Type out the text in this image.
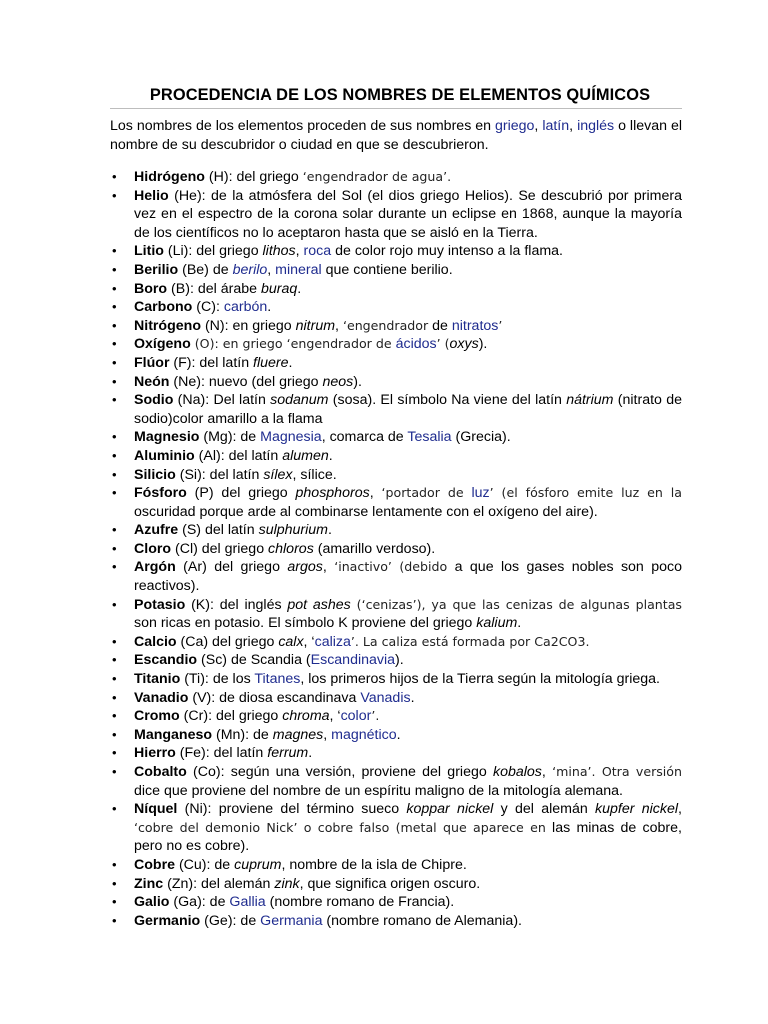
PROCEDENCIA DE LOS NOMBRES DE ELEMENTOS QUÍMICOS
Los nombres de los elementos proceden de sus nombres en griego, latín, inglés o llevan el nombre de su descubridor o ciudad en que se descubrieron.
• Hidrógeno (H): del griego ‘engendrador de agua’.
• Helio (He): de la atmósfera del Sol (el dios griego Helios). Se descubrió por primera vez en el espectro de la corona solar durante un eclipse en 1868, aunque la mayoría de los científicos no lo aceptaron hasta que se aisló en la Tierra.
• Litio (Li): del griego lithos, roca de color rojo muy intenso a la flama.
• Berilio (Be) de berilo, mineral que contiene berilio.
• Boro (B): del árabe buraq.
• Carbono (C): carbón.
• Nitrógeno (N): en griego nitrum, ‘engendrador de nitratos’
• Oxígeno (O): en griego ‘engendrador de ácidos’ (oxys).
• Flúor (F): del latín fluere.
• Neón (Ne): nuevo (del griego neos).
• Sodio (Na): Del latín sodanum (sosa). El símbolo Na viene del latín nátrium (nitrato de sodio)color amarillo a la flama
• Magnesio (Mg): de Magnesia, comarca de Tesalia (Grecia).
• Aluminio (Al): del latín alumen.
• Silicio (Si): del latín sílex, sílice.
• Fósforo (P) del griego phosphoros, ‘portador de luz’ (el fósforo emite luz en la oscuridad porque arde al combinarse lentamente con el oxígeno del aire).
• Azufre (S) del latín sulphurium.
• Cloro (Cl) del griego chloros (amarillo verdoso).
• Argón (Ar) del griego argos, ‘inactivo’ (debido a que los gases nobles son poco reactivos).
• Potasio (K): del inglés pot ashes (‘cenizas’), ya que las cenizas de algunas plantas son ricas en potasio. El símbolo K proviene del griego kalium.
• Calcio (Ca) del griego calx, ‘caliza’. La caliza está formada por Ca2CO3.
• Escandio (Sc) de Scandia (Escandinavia).
• Titanio (Ti): de los Titanes, los primeros hijos de la Tierra según la mitología griega.
• Vanadio (V): de diosa escandinava Vanadis.
• Cromo (Cr): del griego chroma, ‘color’.
• Manganeso (Mn): de magnes, magnético.
• Hierro (Fe): del latín ferrum.
• Cobalto (Co): según una versión, proviene del griego kobalos, ‘mina’. Otra versión dice que proviene del nombre de un espíritu maligno de la mitología alemana.
• Níquel (Ni): proviene del término sueco koppar nickel y del alemán kupfer nickel, ‘cobre del demonio Nick’ o cobre falso (metal que aparece en las minas de cobre, pero no es cobre).
• Cobre (Cu): de cuprum, nombre de la isla de Chipre.
• Zinc (Zn): del alemán zink, que significa origen oscuro.
• Galio (Ga): de Gallia (nombre romano de Francia).
• Germanio (Ge): de Germania (nombre romano de Alemania).
